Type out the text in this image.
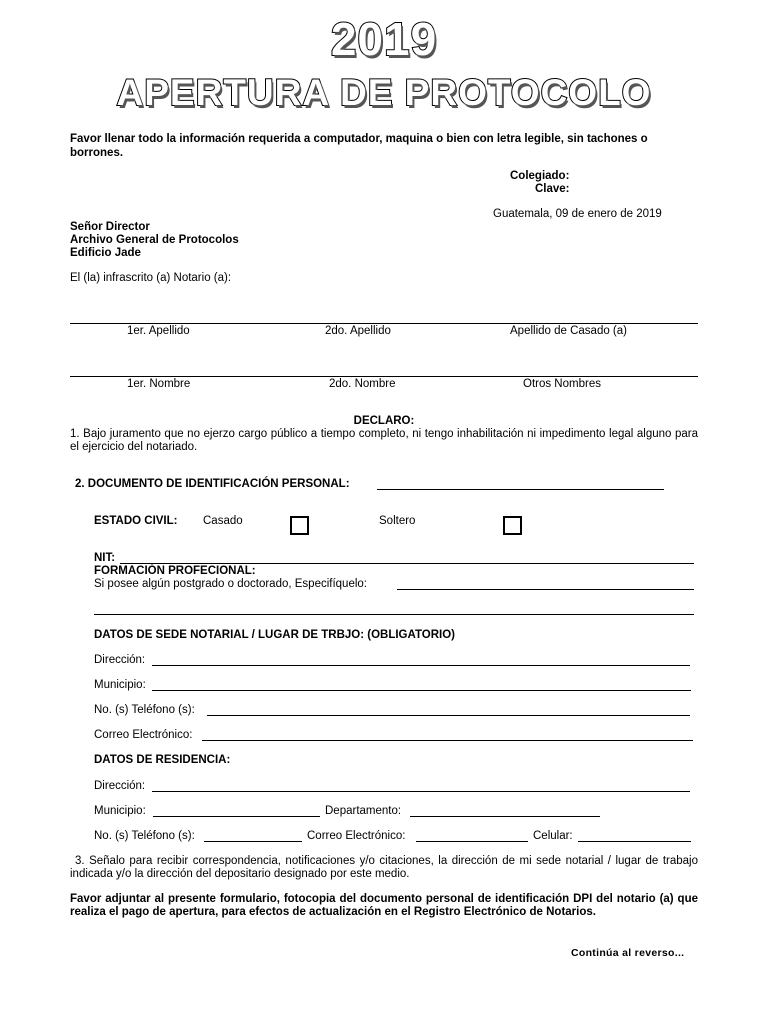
2019
APERTURA DE PROTOCOLO
Favor llenar todo la información requerida a computador, maquina o bien con letra legible, sin tachones o borrones.
Colegiado:
Clave:
Guatemala, 09 de enero de 2019
Señor Director
Archivo General de Protocolos
Edificio Jade
El (la) infrascrito (a) Notario (a):
1er. Apellido	2do. Apellido	Apellido de Casado (a)
1er. Nombre	2do. Nombre	Otros Nombres
DECLARO:
1. Bajo juramento que no ejerzo cargo público a tiempo completo, ni tengo inhabilitación ni impedimento legal alguno para el ejercicio del notariado.
2. DOCUMENTO DE IDENTIFICACIÓN PERSONAL:
ESTADO CIVIL: Casado	Soltero
NIT:
FORMACIÓN PROFECIONAL:
Si posee algún postgrado o doctorado, Especifíquelo:
DATOS DE SEDE NOTARIAL / LUGAR DE TRBJO: (OBLIGATORIO)
Dirección:
Municipio:
No. (s) Teléfono (s):
Correo Electrónico:
DATOS DE RESIDENCIA:
Dirección:
Municipio:	Departamento:
No. (s) Teléfono (s):	Correo Electrónico:	Celular:
3. Señalo para recibir correspondencia, notificaciones y/o citaciones, la dirección de mi sede notarial / lugar de trabajo indicada y/o la dirección del depositario designado por este medio.
Favor adjuntar al presente formulario, fotocopia del documento personal de identificación DPI del notario (a) que realiza el pago de apertura, para efectos de actualización en el Registro Electrónico de Notarios.
Continúa al reverso...
